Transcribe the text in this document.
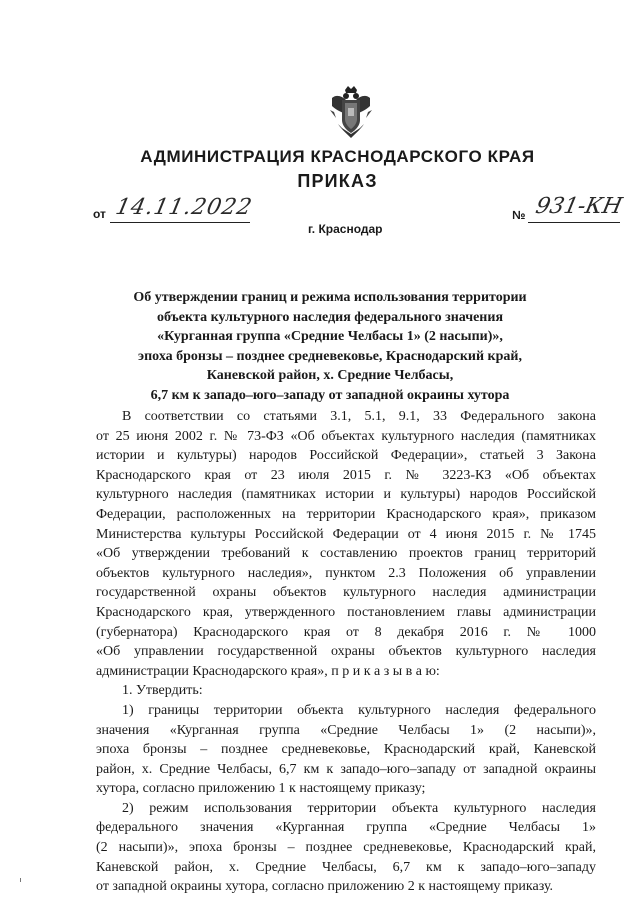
АДМИНИСТРАЦИЯ КРАСНОДАРСКОГО КРАЯ
ПРИКАЗ
от 14.11.2022
г. Краснодар
№ 931-КН
Об утверждении границ и режима использования территории
объекта культурного наследия федерального значения
«Курганная группа «Средние Челбасы 1» (2 насыпи)»,
эпоха бронзы – позднее средневековье, Краснодарский край,
Каневской район, х. Средние Челбасы,
6,7 км к западо–юго–западу от западной окраины хутора
В соответствии со статьями 3.1, 5.1, 9.1, 33 Федерального закона
от 25 июня 2002 г. № 73-ФЗ «Об объектах культурного наследия (памятниках
истории и культуры) народов Российской Федерации», статьей 3 Закона
Краснодарского края от 23 июля 2015 г. № 3223-КЗ «Об объектах
культурного наследия (памятниках истории и культуры) народов Российской
Федерации, расположенных на территории Краснодарского края», приказом
Министерства культуры Российской Федерации от 4 июня 2015 г. № 1745
«Об утверждении требований к составлению проектов границ территорий
объектов культурного наследия», пунктом 2.3 Положения об управлении
государственной охраны объектов культурного наследия администрации
Краснодарского края, утвержденного постановлением главы администрации
(губернатора) Краснодарского края от 8 декабря 2016 г. № 1000
«Об управлении государственной охраны объектов культурного наследия
администрации Краснодарского края», п р и к а з ы в а ю:
1. Утвердить:
1) границы территории объекта культурного наследия федерального
значения «Курганная группа «Средние Челбасы 1» (2 насыпи)»,
эпоха бронзы – позднее средневековье, Краснодарский край, Каневской
район, х. Средние Челбасы, 6,7 км к западо–юго–западу от западной окраины
хутора, согласно приложению 1 к настоящему приказу;
2) режим использования территории объекта культурного наследия
федерального значения «Курганная группа «Средние Челбасы 1»
(2 насыпи)», эпоха бронзы – позднее средневековье, Краснодарский край,
Каневской район, х. Средние Челбасы, 6,7 км к западо–юго–западу
от западной окраины хутора, согласно приложению 2 к настоящему приказу.
